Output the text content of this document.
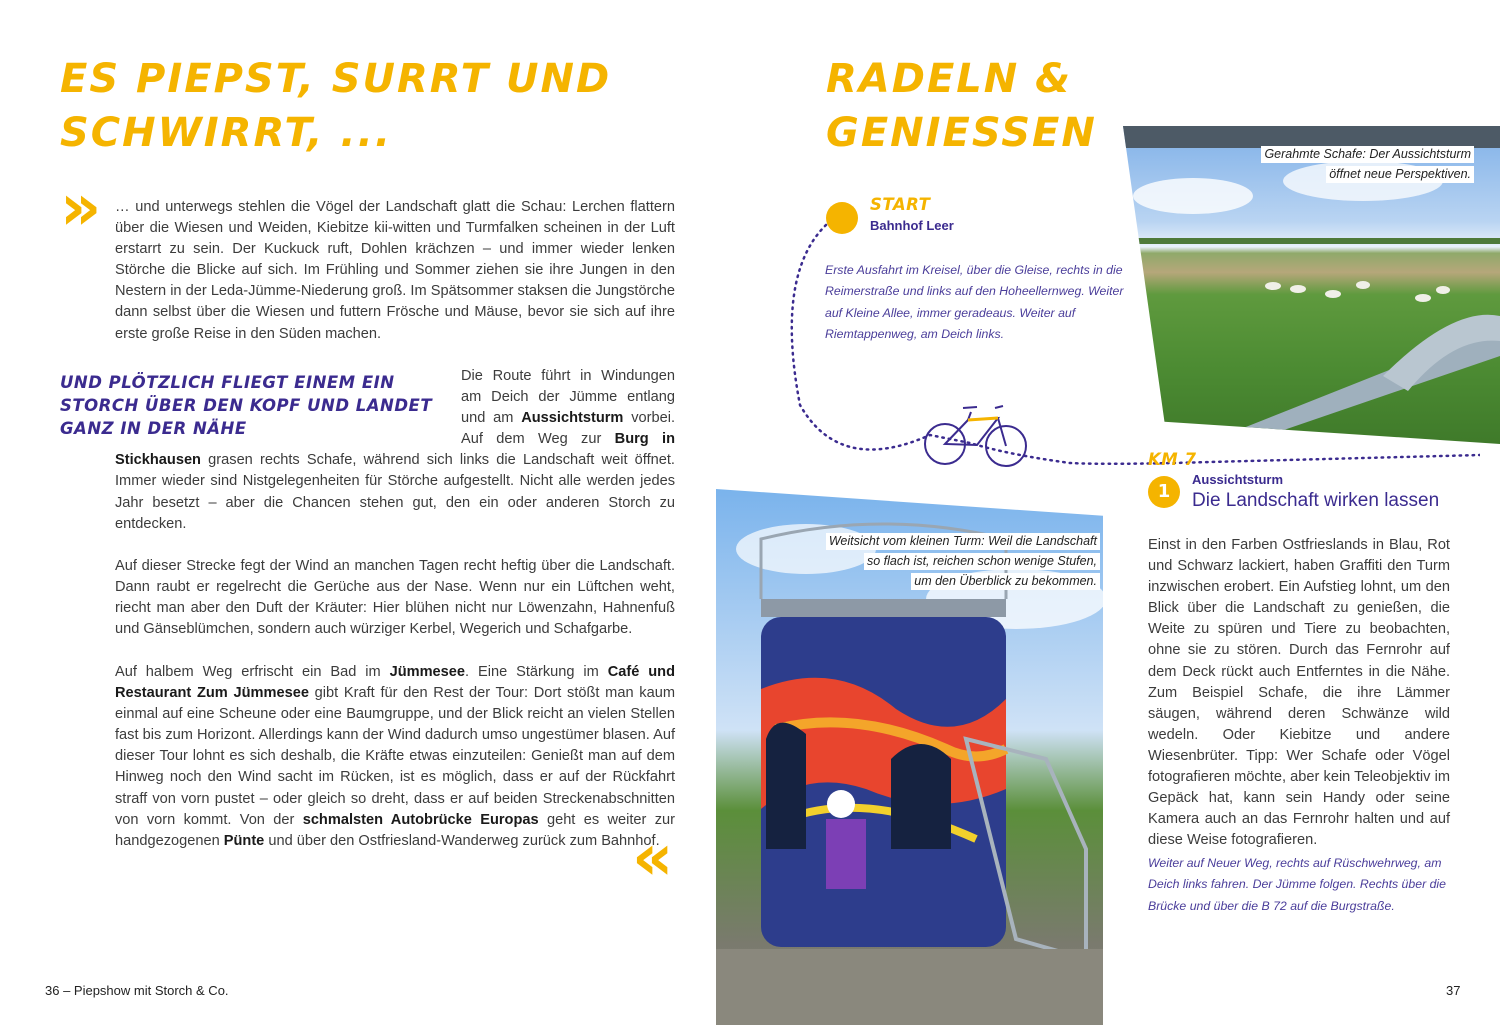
ES PIEPST, SURRT UND
SCHWIRRT, ...
» … und unterwegs stehlen die Vögel der Landschaft glatt die Schau: Lerchen flattern über die Wiesen und Weiden, Kiebitze kii-witten und Turmfalken scheinen in der Luft erstarrt zu sein. Der Kuckuck ruft, Dohlen krächzen – und immer wieder lenken Störche die Blicke auf sich. Im Frühling und Sommer ziehen sie ihre Jungen in den Nestern in der Leda-Jümme-Niederung groß. Im Spätsommer staksen die Jungstörche dann selbst über die Wiesen und futtern Frösche und Mäuse, bevor sie sich auf ihre erste große Reise in den Süden machen.

UND PLÖTZLICH FLIEGT EINEM EIN STORCH ÜBER DEN KOPF UND LANDET GANZ IN DER NÄHE

Die Route führt in Windungen am Deich der Jümme entlang und am Aussichtsturm vorbei. Auf dem Weg zur Burg in Stickhausen grasen rechts Schafe, während sich links die Landschaft weit öffnet. Immer wieder sind Nistgelegenheiten für Störche aufgestellt. Nicht alle werden jedes Jahr besetzt – aber die Chancen stehen gut, den ein oder anderen Storch zu entdecken.

Auf dieser Strecke fegt der Wind an manchen Tagen recht heftig über die Landschaft. Dann raubt er regelrecht die Gerüche aus der Nase. Wenn nur ein Lüftchen weht, riecht man aber den Duft der Kräuter: Hier blühen nicht nur Löwenzahn, Hahnenfuß und Gänseblümchen, sondern auch würziger Kerbel, Wegerich und Schafgarbe.

Auf halbem Weg erfrischt ein Bad im Jümmesee. Eine Stärkung im Café und Restaurant Zum Jümmesee gibt Kraft für den Rest der Tour: Dort stößt man kaum einmal auf eine Scheune oder eine Baumgruppe, und der Blick reicht an vielen Stellen fast bis zum Horizont. Allerdings kann der Wind dadurch umso ungestümer blasen. Auf dieser Tour lohnt es sich deshalb, die Kräfte etwas einzuteilen: Genießt man auf dem Hinweg noch den Wind sacht im Rücken, ist es möglich, dass er auf der Rückfahrt straff von vorn pustet – oder gleich so dreht, dass er auf beiden Streckenabschnitten von vorn kommt. Von der schmalsten Autobrücke Europas geht es weiter zur handgezogenen Pünte und über den Ostfriesland-Wanderweg zurück zum Bahnhof.

«
36 – Piepshow mit Storch & Co.
RADELN & GENIESSEN	Gerahmte Schafe: Der Aussichtsturm
öffnet neue Perspektiven.
START
Bahnhof Leer
Erste Ausfahrt im Kreisel, über die Gleise, rechts in die Reimerstraße und links auf den Hoheellernweg. Weiter auf Kleine Allee, immer geradeaus. Weiter auf Riemtappenweg, am Deich links.
KM 7
1
Aussichtsturm
Die Landschaft wirken lassen

Einst in den Farben Ostfrieslands in Blau, Rot und Schwarz lackiert, haben Graffiti den Turm inzwischen erobert. Ein Aufstieg lohnt, um den Blick über die Landschaft zu genießen, die Weite zu spüren und Tiere zu beobachten, ohne sie zu stören. Durch das Fernrohr auf dem Deck rückt auch Entferntes in die Nähe. Zum Beispiel Schafe, die ihre Lämmer säugen, während deren Schwänze wild wedeln. Oder Kiebitze und andere Wiesenbrüter. Tipp: Wer Schafe oder Vögel fotografieren möchte, aber kein Teleobjektiv im Gepäck hat, kann sein Handy oder seine Kamera auch an das Fernrohr halten und auf diese Weise fotografieren.

Weiter auf Neuer Weg, rechts auf Rüschwehrweg, am Deich links fahren. Der Jümme folgen. Rechts über die Brücke und über die B 72 auf die Burgstraße.
Weitsicht vom kleinen Turm: Weil die Landschaft
so flach ist, reichen schon wenige Stufen,
um den Überblick zu bekommen.
37
